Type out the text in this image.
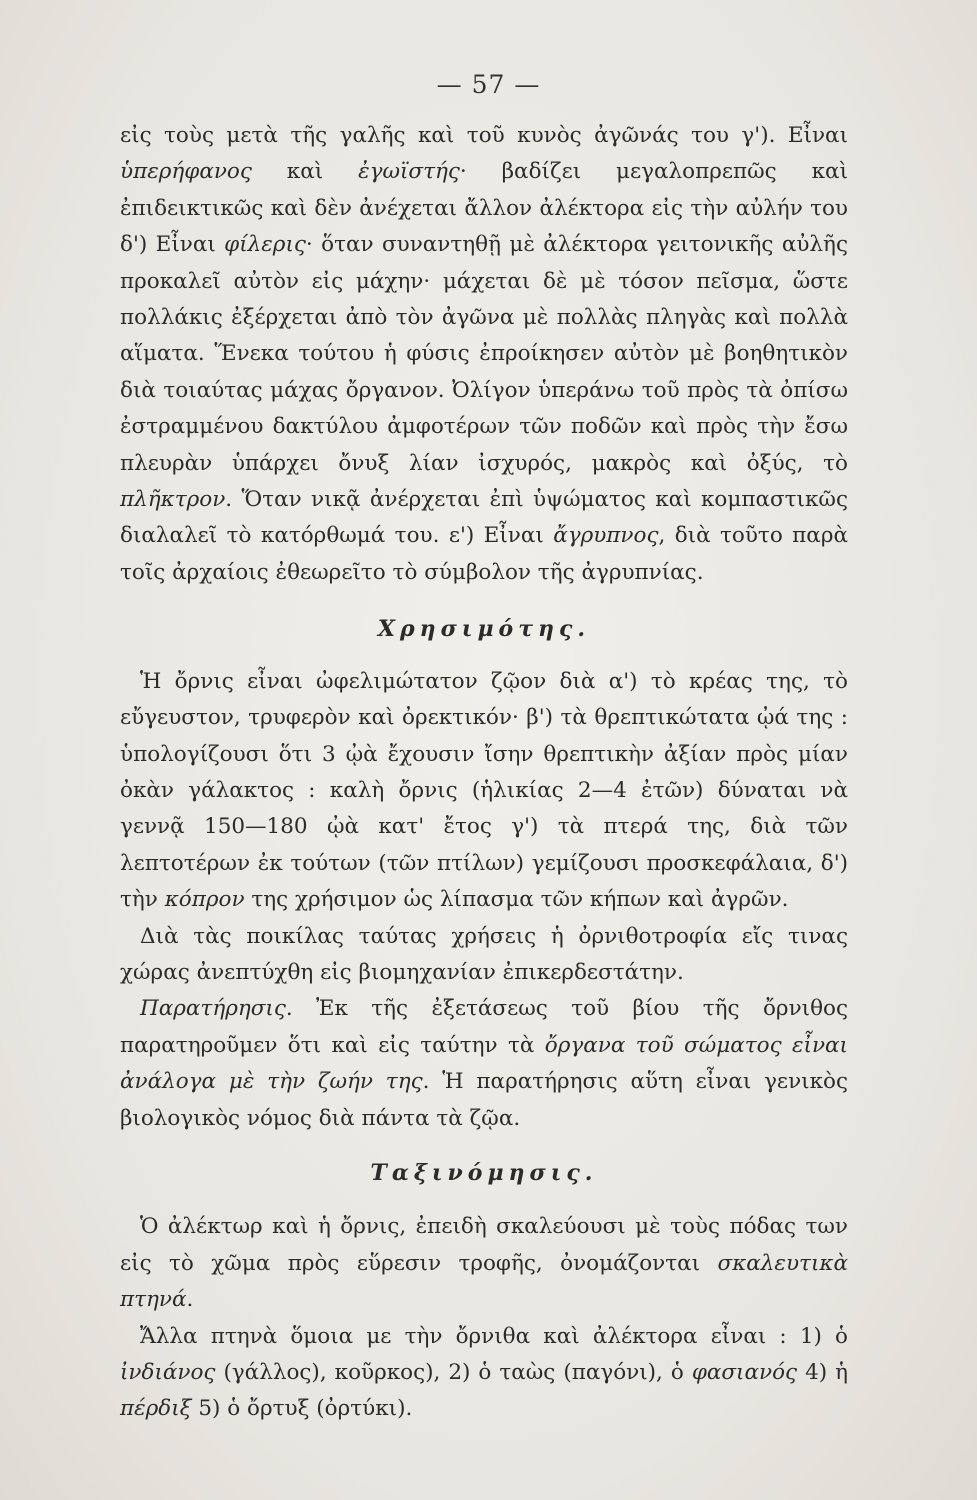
— 57 —

εἰς τοὺς μετὰ τῆς γαλῆς καὶ τοῦ κυνὸς ἀγῶνάς του γ'). Εἶναι ὑπερήφανος καὶ ἐγωϊστής· βαδίζει μεγαλοπρεπῶς καὶ ἐπιδεικτικῶς καὶ δὲν ἀνέχεται ἄλλον ἀλέκτορα εἰς τὴν αὐλήν του δ') Εἶναι φίλερις· ὅταν συναντηθῇ μὲ ἀλέκτορα γειτονικῆς αὐλῆς προκαλεῖ αὐτὸν εἰς μάχην· μάχεται δὲ μὲ τόσον πεῖσμα, ὥστε πολλάκις ἐξέρχεται ἀπὸ τὸν ἀγῶνα μὲ πολλὰς πληγὰς καὶ πολλὰ αἵματα. Ἕνεκα τούτου ἡ φύσις ἐπροίκησεν αὐτὸν μὲ βοηθητικὸν διὰ τοιαύτας μάχας ὄργανον. Ὀλίγον ὑπεράνω τοῦ πρὸς τὰ ὀπίσω ἐστραμμένου δακτύλου ἀμφοτέρων τῶν ποδῶν καὶ πρὸς τὴν ἔσω πλευρὰν ὑπάρχει ὄνυξ λίαν ἰσχυρός, μακρὸς καὶ ὀξύς, τὸ πλῆκτρον. Ὅταν νικᾷ ἀνέρχεται ἐπὶ ὑψώματος καὶ κομπαστικῶς διαλαλεῖ τὸ κατόρθωμά του. ε') Εἶναι ἄγρυπνος, διὰ τοῦτο παρὰ τοῖς ἀρχαίοις ἐθεωρεῖτο τὸ σύμβολον τῆς ἀγρυπνίας.

Χρησιμότης.

Ἡ ὄρνις εἶναι ὠφελιμώτατον ζῷον διὰ α') τὸ κρέας της, τὸ εὔγευστον, τρυφερὸν καὶ ὀρεκτικόν· β') τὰ θρεπτικώτατα ᾠά της : ὑπολογίζουσι ὅτι 3 ᾠὰ ἔχουσιν ἴσην θρεπτικὴν ἀξίαν πρὸς μίαν ὀκὰν γάλακτος : καλὴ ὄρνις (ἡλικίας 2—4 ἐτῶν) δύναται νὰ γεννᾷ 150—180 ᾠὰ κατ' ἔτος γ') τὰ πτερά της, διὰ τῶν λεπτοτέρων ἐκ τούτων (τῶν πτίλων) γεμίζουσι προσκεφάλαια, δ') τὴν κόπρον της χρήσιμον ὡς λίπασμα τῶν κήπων καὶ ἀγρῶν.

Διὰ τὰς ποικίλας ταύτας χρήσεις ἡ ὀρνιθοτροφία εἴς τινας χώρας ἀνεπτύχθη εἰς βιομηχανίαν ἐπικερδεστάτην.

Παρατήρησις. Ἐκ τῆς ἐξετάσεως τοῦ βίου τῆς ὄρνιθος παρατηροῦμεν ὅτι καὶ εἰς ταύτην τὰ ὄργανα τοῦ σώματος εἶναι ἀνάλογα μὲ τὴν ζωήν της. Ἡ παρατήρησις αὕτη εἶναι γενικὸς βιολογικὸς νόμος διὰ πάντα τὰ ζῷα.

Ταξινόμησις.

Ὁ ἀλέκτωρ καὶ ἡ ὄρνις, ἐπειδὴ σκαλεύουσι μὲ τοὺς πόδας των εἰς τὸ χῶμα πρὸς εὕρεσιν τροφῆς, ὀνομάζονται σκαλευτικὰ πτηνά.

Ἄλλα πτηνὰ ὅμοια με τὴν ὄρνιθα καὶ ἀλέκτορα εἶναι : 1) ὁ ἰνδιάνος (γάλλος), κοῦρκος), 2) ὁ ταὼς (παγόνι), ὁ φασιανός 4) ἡ πέρδιξ 5) ὁ ὄρτυξ (ὀρτύκι).
